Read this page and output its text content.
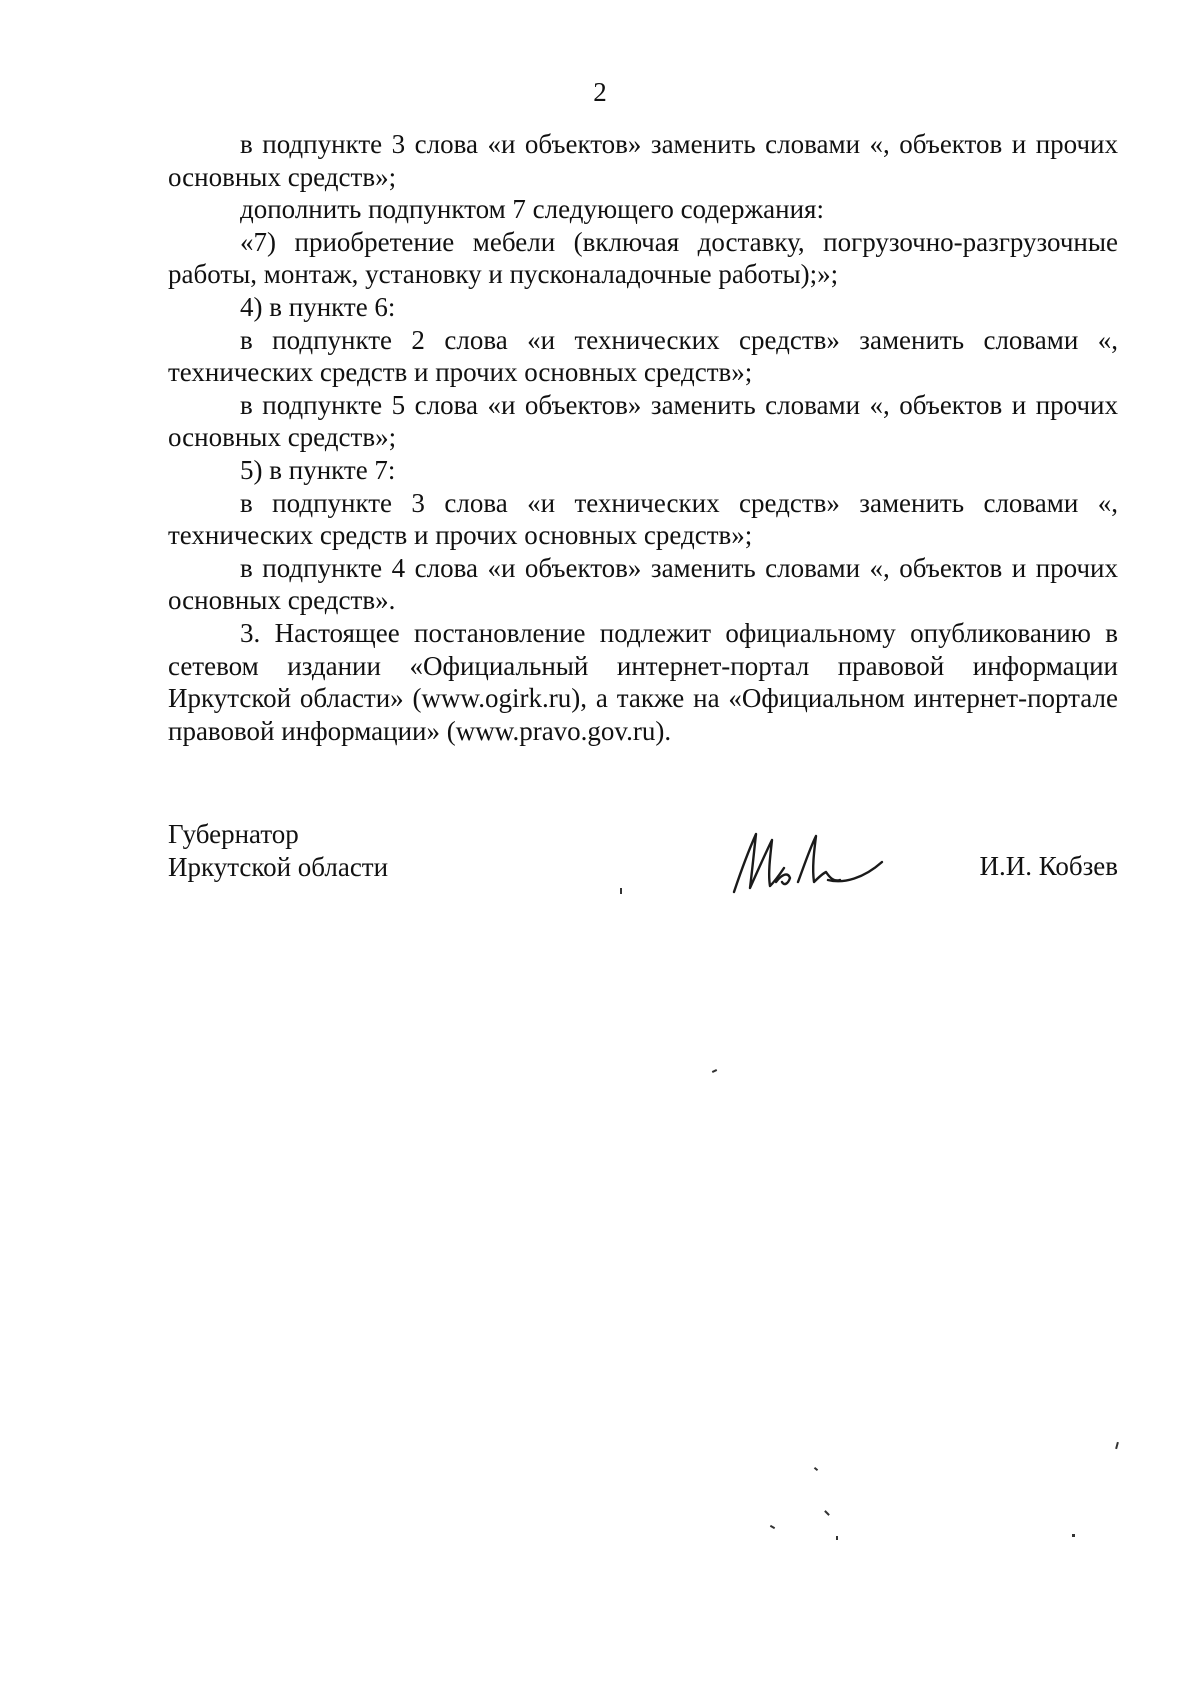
2

в подпункте 3 слова «и объектов» заменить словами «, объектов и прочих основных средств»;

дополнить подпунктом 7 следующего содержания:

«7) приобретение мебели (включая доставку, погрузочно-разгрузочные работы, монтаж, установку и пусконаладочные работы);»;

4) в пункте 6:

в подпункте 2 слова «и технических средств» заменить словами «, технических средств и прочих основных средств»;

в подпункте 5 слова «и объектов» заменить словами «, объектов и прочих основных средств»;

5) в пункте 7:

в подпункте 3 слова «и технических средств» заменить словами «, технических средств и прочих основных средств»;

в подпункте 4 слова «и объектов» заменить словами «, объектов и прочих основных средств».

3. Настоящее постановление подлежит официальному опубликованию в сетевом издании «Официальный интернет-портал правовой информации Иркутской области» (www.ogirk.ru), а также на «Официальном интернет-портале правовой информации» (www.pravo.gov.ru).

Губернатор
Иркутской области	И.И. Кобзев
